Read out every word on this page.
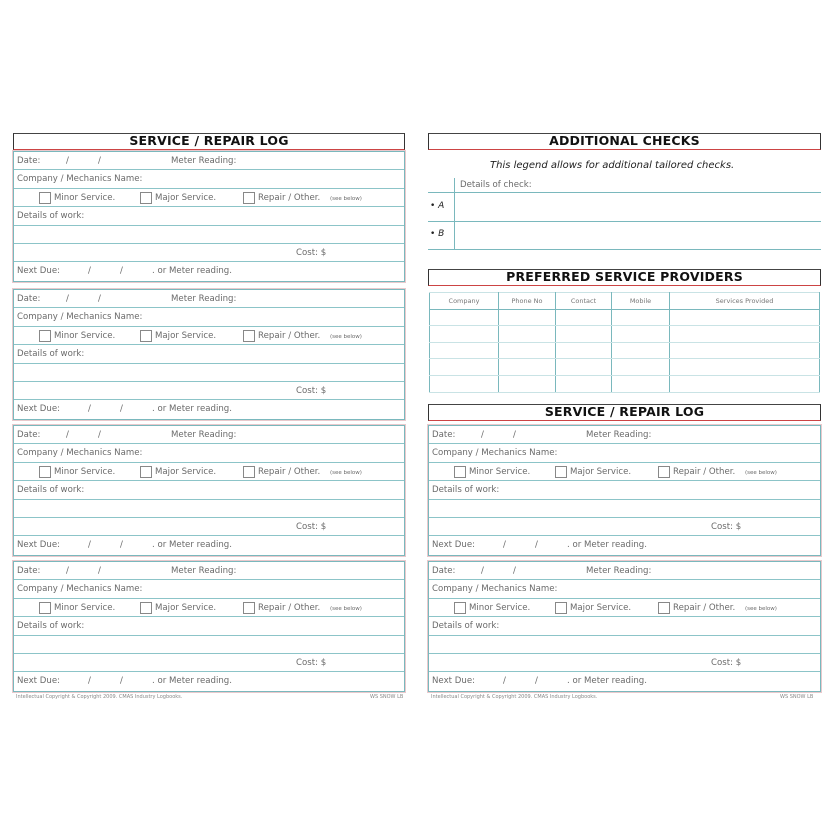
SERVICE / REPAIR LOG
Date:	/	/	Meter Reading:
Company / Mechanics Name:
Minor Service.	Major Service.	Repair / Other. (see below)
Details of work:
Cost: $
Next Due:	/	/	. or Meter reading.
Date:	/	/	Meter Reading:
Company / Mechanics Name:
Minor Service.	Major Service.	Repair / Other. (see below)
Details of work:
Cost: $
Next Due:	/	/	. or Meter reading.
Date:	/	/	Meter Reading:
Company / Mechanics Name:
Minor Service.	Major Service.	Repair / Other. (see below)
Details of work:
Cost: $
Next Due:	/	/	. or Meter reading.
Date:	/	/	Meter Reading:
Company / Mechanics Name:
Minor Service.	Major Service.	Repair / Other. (see below)
Details of work:
Cost: $
Next Due:	/	/	. or Meter reading.
Intellectual Copyright & Copyright 2009. CMAS Industry Logbooks.	WS SNOW LB
ADDITIONAL CHECKS
This legend allows for additional tailored checks.
Details of check:
• A
• B
PREFERRED SERVICE PROVIDERS
Company	Phone No	Contact	Mobile	Services Provided

SERVICE / REPAIR LOG
Date:	/	/	Meter Reading:
Company / Mechanics Name:
Minor Service.	Major Service.	Repair / Other. (see below)
Details of work:
Cost: $
Next Due:	/	/	. or Meter reading.
Date:	/	/	Meter Reading:
Company / Mechanics Name:
Minor Service.	Major Service.	Repair / Other. (see below)
Details of work:
Cost: $
Next Due:	/	/	. or Meter reading.
Intellectual Copyright & Copyright 2009. CMAS Industry Logbooks.	WS SNOW LB
